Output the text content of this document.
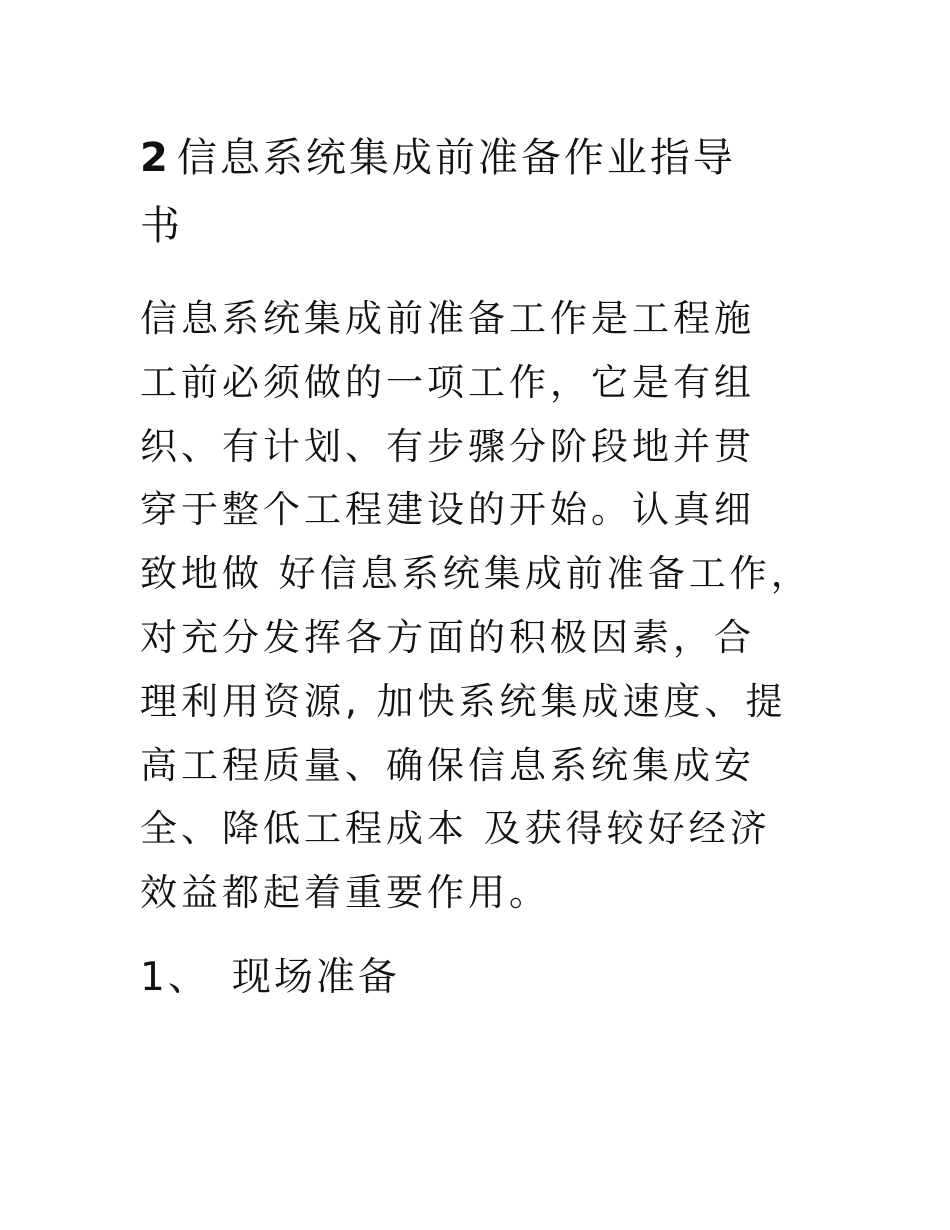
2 信息系统集成前准备作业指导
书
信息系统集成前准备工作是工程施
工前必须做的一项工作，它是有组
织、有计划、有步骤分阶段地并贯
穿于整个工程建设的开始。认真细
致地做 好信息系统集成前准备工作，
对充分发挥各方面的积极因素，合
理利用资源, 加快系统集成速度、提
高工程质量、确保信息系统集成安
全、降低工程成本 及获得较好经济
效益都起着重要作用。
1、 现场准备
